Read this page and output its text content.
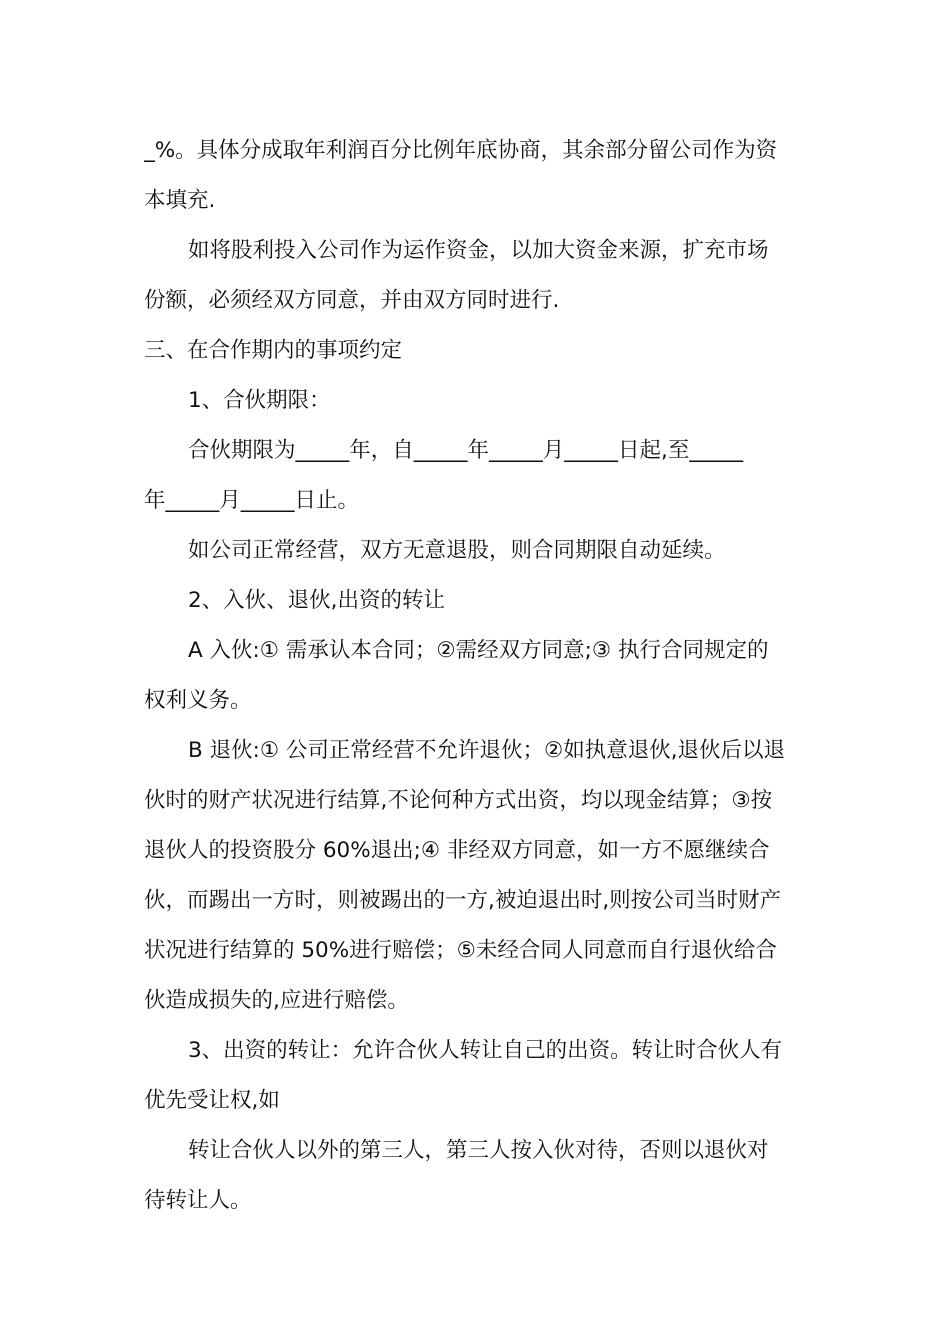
_%。具体分成取年利润百分比例年底协商，其余部分留公司作为资
本填充.
如将股利投入公司作为运作资金，以加大资金来源，扩充市场
份额，必须经双方同意，并由双方同时进行.
三、在合作期内的事项约定
1、合伙期限：
合伙期限为_____年，自_____年_____月_____日起,至_____
年_____月_____日止。
如公司正常经营，双方无意退股，则合同期限自动延续。
2、入伙、退伙,出资的转让
A 入伙:① 需承认本合同；②需经双方同意;③ 执行合同规定的
权利义务。
B 退伙:① 公司正常经营不允许退伙；②如执意退伙,退伙后以退
伙时的财产状况进行结算,不论何种方式出资，均以现金结算；③按
退伙人的投资股分 60%退出;④ 非经双方同意，如一方不愿继续合
伙，而踢出一方时，则被踢出的一方,被迫退出时,则按公司当时财产
状况进行结算的 50%进行赔偿；⑤未经合同人同意而自行退伙给合
伙造成损失的,应进行赔偿。
3、出资的转让：允许合伙人转让自己的出资。转让时合伙人有
优先受让权,如
转让合伙人以外的第三人，第三人按入伙对待，否则以退伙对
待转让人。
